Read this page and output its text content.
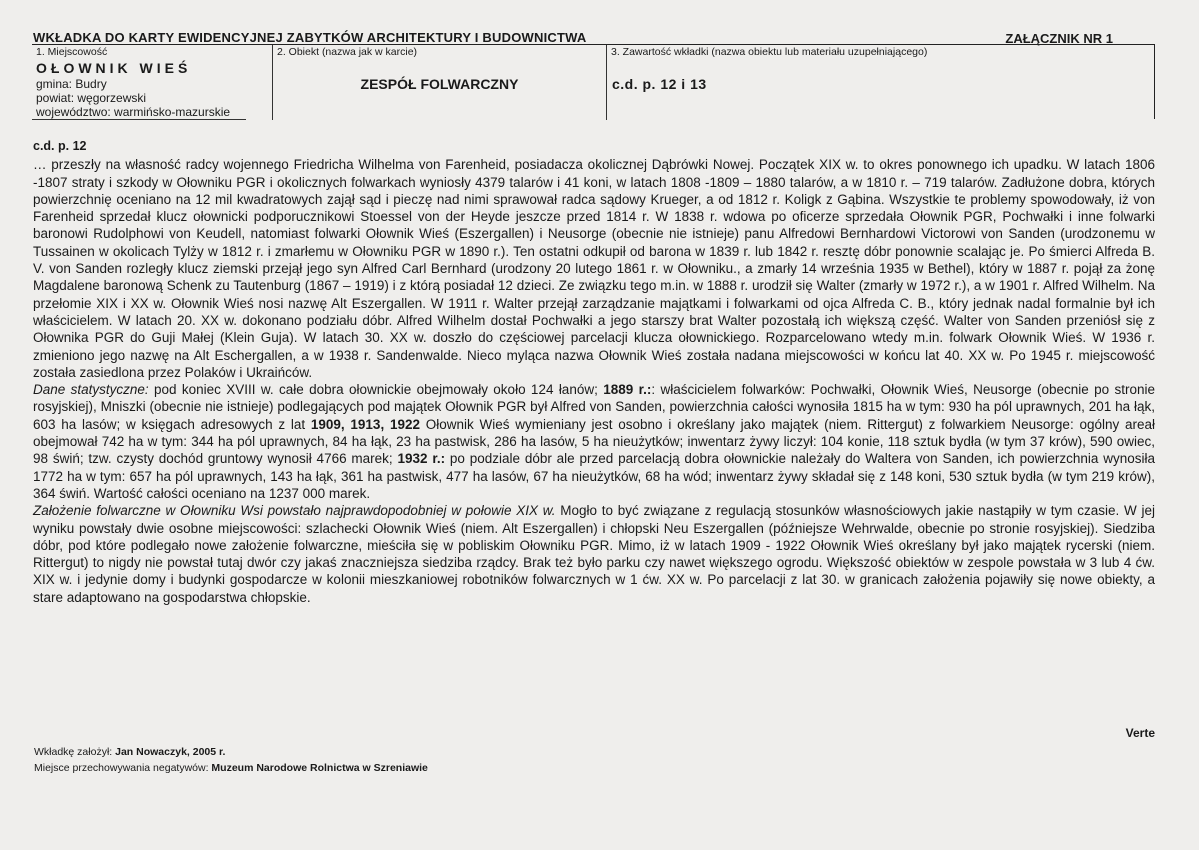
WKŁADKA DO KARTY EWIDENCYJNEJ ZABYTKÓW ARCHITEKTURY I BUDOWNICTWA	ZAŁĄCZNIK NR 1
1. Miejscowość
OŁOWNIK WIEŚ
gmina: Budry
powiat: węgorzewski
województwo: warmińsko-mazurskie
2. Obiekt (nazwa jak w karcie)
ZESPÓŁ FOLWARCZNY
3. Zawartość wkładki (nazwa obiektu lub materiału uzupełniającego)
c.d. p. 12 i 13
c.d. p. 12

… przeszły na własność radcy wojennego Friedricha Wilhelma von Farenheid, posiadacza okolicznej Dąbrówki Nowej. Początek XIX w. to okres ponownego ich upadku. W latach 1806 -1807 straty i szkody w Ołowniku PGR i okolicznych folwarkach wyniosły 4379 talarów i 41 koni, w latach 1808 -1809 – 1880 talarów, a w 1810 r. – 719 talarów. Zadłużone dobra, których powierzchnię oceniano na 12 mil kwadratowych zajął sąd i pieczę nad nimi sprawował radca sądowy Krueger, a od 1812 r. Koligk z Gąbina. Wszystkie te problemy spowodowały, iż von Farenheid sprzedał klucz ołownicki podporucznikowi Stoessel von der Heyde jeszcze przed 1814 r. W 1838 r. wdowa po oficerze sprzedała Ołownik PGR, Pochwałki i inne folwarki baronowi Rudolphowi von Keudell, natomiast folwarki Ołownik Wieś (Eszergallen) i Neusorge (obecnie nie istnieje) panu Alfredowi Bernhardowi Victorowi von Sanden (urodzonemu w Tussainen w okolicach Tylży w 1812 r. i zmarłemu w Ołowniku PGR w 1890 r.). Ten ostatni odkupił od barona w 1839 r. lub 1842 r. resztę dóbr ponownie scalając je. Po śmierci Alfreda B. V. von Sanden rozległy klucz ziemski przejął jego syn Alfred Carl Bernhard (urodzony 20 lutego 1861 r. w Ołowniku., a zmarły 14 września 1935 w Bethel), który w 1887 r. pojął za żonę Magdalene baronową Schenk zu Tautenburg (1867 – 1919) i z którą posiadał 12 dzieci. Ze związku tego m.in. w 1888 r. urodził się Walter (zmarły w 1972 r.), a w 1901 r. Alfred Wilhelm. Na przełomie XIX i XX w. Ołownik Wieś nosi nazwę Alt Eszergallen. W 1911 r. Walter przejął zarządzanie majątkami i folwarkami od ojca Alfreda C. B., który jednak nadal formalnie był ich właścicielem. W latach 20. XX w. dokonano podziału dóbr. Alfred Wilhelm dostał Pochwałki a jego starszy brat Walter pozostałą ich większą część. Walter von Sanden przeniósł się z Ołownika PGR do Guji Małej (Klein Guja). W latach 30. XX w. doszło do częściowej parcelacji klucza ołownickiego. Rozparcelowano wtedy m.in. folwark Ołownik Wieś. W 1936 r. zmieniono jego nazwę na Alt Eschergallen, a w 1938 r. Sandenwalde. Nieco myląca nazwa Ołownik Wieś została nadana miejscowości w końcu lat 40. XX w. Po 1945 r. miejscowość została zasiedlona przez Polaków i Ukraińców.

Dane statystyczne: pod koniec XVIII w. całe dobra ołownickie obejmowały około 124 łanów; 1889 r.:: właścicielem folwarków: Pochwałki, Ołownik Wieś, Neusorge (obecnie po stronie rosyjskiej), Mniszki (obecnie nie istnieje) podlegających pod majątek Ołownik PGR był Alfred von Sanden, powierzchnia całości wynosiła 1815 ha w tym: 930 ha pól uprawnych, 201 ha łąk, 603 ha lasów; w księgach adresowych z lat 1909, 1913, 1922 Ołownik Wieś wymieniany jest osobno i określany jako majątek (niem. Rittergut) z folwarkiem Neusorge: ogólny areał obejmował 742 ha w tym: 344 ha pól uprawnych, 84 ha łąk, 23 ha pastwisk, 286 ha lasów, 5 ha nieużytków; inwentarz żywy liczył: 104 konie, 118 sztuk bydła (w tym 37 krów), 590 owiec, 98 świń; tzw. czysty dochód gruntowy wynosił 4766 marek; 1932 r.: po podziale dóbr ale przed parcelacją dobra ołownickie należały do Waltera von Sanden, ich powierzchnia wynosiła 1772 ha w tym: 657 ha pól uprawnych, 143 ha łąk, 361 ha pastwisk, 477 ha lasów, 67 ha nieużytków, 68 ha wód; inwentarz żywy składał się z 148 koni, 530 sztuk bydła (w tym 219 krów), 364 świń. Wartość całości oceniano na 1237 000 marek.

Założenie folwarczne w Ołowniku Wsi powstało najprawdopodobniej w połowie XIX w. Mogło to być związane z regulacją stosunków własnościowych jakie nastąpiły w tym czasie. W jej wyniku powstały dwie osobne miejscowości: szlachecki Ołownik Wieś (niem. Alt Eszergallen) i chłopski Neu Eszergallen (późniejsze Wehrwalde, obecnie po stronie rosyjskiej). Siedziba dóbr, pod które podlegało nowe założenie folwarczne, mieściła się w pobliskim Ołowniku PGR. Mimo, iż w latach 1909 - 1922 Ołownik Wieś określany był jako majątek rycerski (niem. Rittergut) to nigdy nie powstał tutaj dwór czy jakaś znaczniejsza siedziba rządcy. Brak też było parku czy nawet większego ogrodu. Większość obiektów w zespole powstała w 3 lub 4 ćw. XIX w. i jedynie domy i budynki gospodarcze w kolonii mieszkaniowej robotników folwarcznych w 1 ćw. XX w. Po parcelacji z lat 30. w granicach założenia pojawiły się nowe obiekty, a stare adaptowano na gospodarstwa chłopskie.

Verte
Wkładkę założył: Jan Nowaczyk, 2005 r.
Miejsce przechowywania negatywów: Muzeum Narodowe Rolnictwa w Szreniawie
